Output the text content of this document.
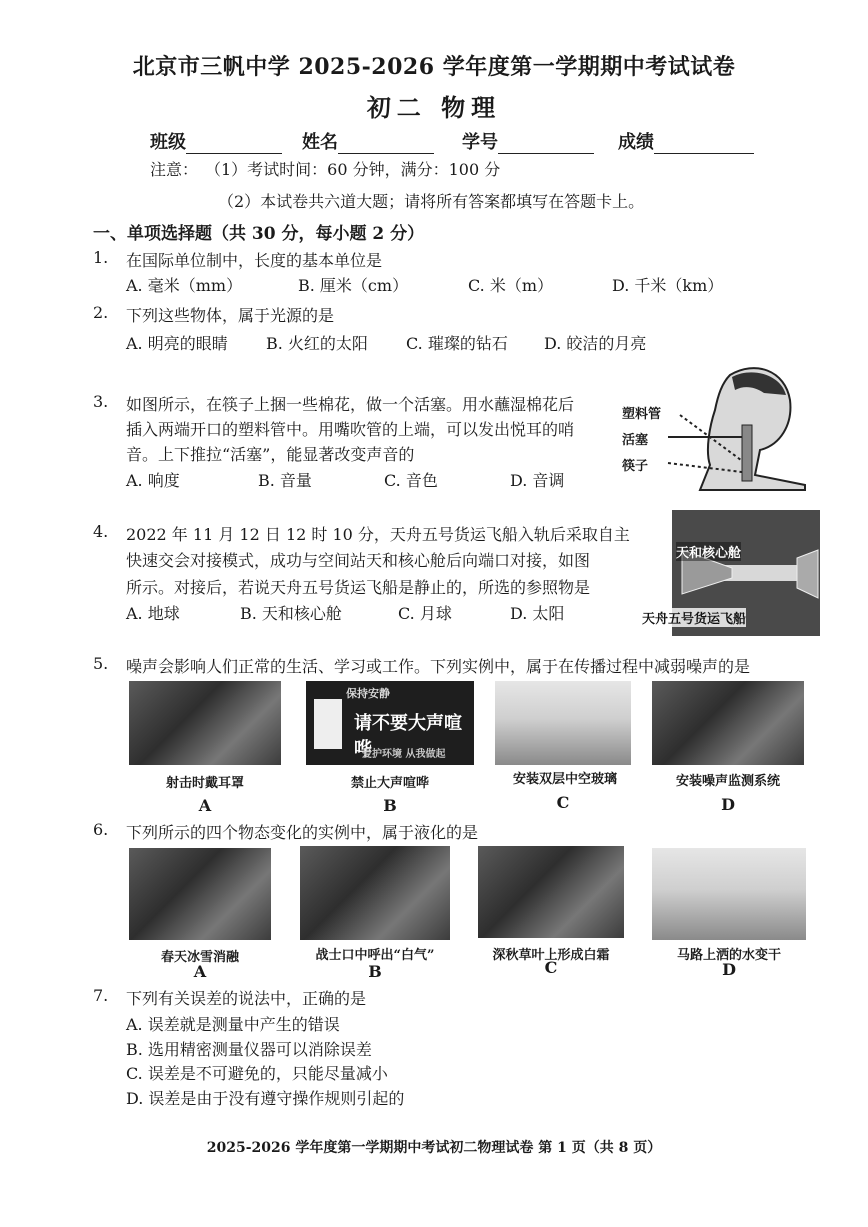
北京市三帆中学 2025-2026 学年度第一学期期中考试试卷
初二 物理
班级	姓名	学号	成绩
注意： （1）考试时间：60 分钟，满分：100 分
（2）本试卷共六道大题；请将所有答案都填写在答题卡上。
一、单项选择题（共 30 分，每小题 2 分）
1. 在国际单位制中，长度的基本单位是
A. 毫米（mm）	B. 厘米（cm）	C. 米（m）	D. 千米（km）
2. 下列这些物体，属于光源的是
A. 明亮的眼睛 B. 火红的太阳 C. 璀璨的钻石 D. 皎洁的月亮
3. 如图所示，在筷子上捆一些棉花，做一个活塞。用水蘸湿棉花后
插入两端开口的塑料管中。用嘴吹管的上端，可以发出悦耳的哨
音。上下推拉“活塞”，能显著改变声音的
A. 响度	B. 音量	C. 音色	D. 音调
塑料管
活塞
筷子
4. 2022 年 11 月 12 日 12 时 10 分，天舟五号货运飞船入轨后采取自主
快速交会对接模式，成功与空间站天和核心舱后向端口对接，如图
所示。对接后，若说天舟五号货运飞船是静止的，所选的参照物是
A. 地球	B. 天和核心舱	C. 月球	D. 太阳
天和核心舱
天舟五号货运飞船
5. 噪声会影响人们正常的生活、学习或工作。下列实例中，属于在传播过程中减弱噪声的是
保持安静
请不要大声喧哗
爱护环境 从我做起
射击时戴耳罩	禁止大声喧哗	安装双层中空玻璃	安装噪声监测系统
A	B	C	D
6. 下列所示的四个物态变化的实例中，属于液化的是
春天冰雪消融	战士口中呼出“白气”	深秋草叶上形成白霜	马路上洒的水变干
A	B	C	D
7. 下列有关误差的说法中，正确的是
A. 误差就是测量中产生的错误
B. 选用精密测量仪器可以消除误差
C. 误差是不可避免的，只能尽量减小
D. 误差是由于没有遵守操作规则引起的
2025-2026 学年度第一学期期中考试初二物理试卷 第 1 页（共 8 页）
